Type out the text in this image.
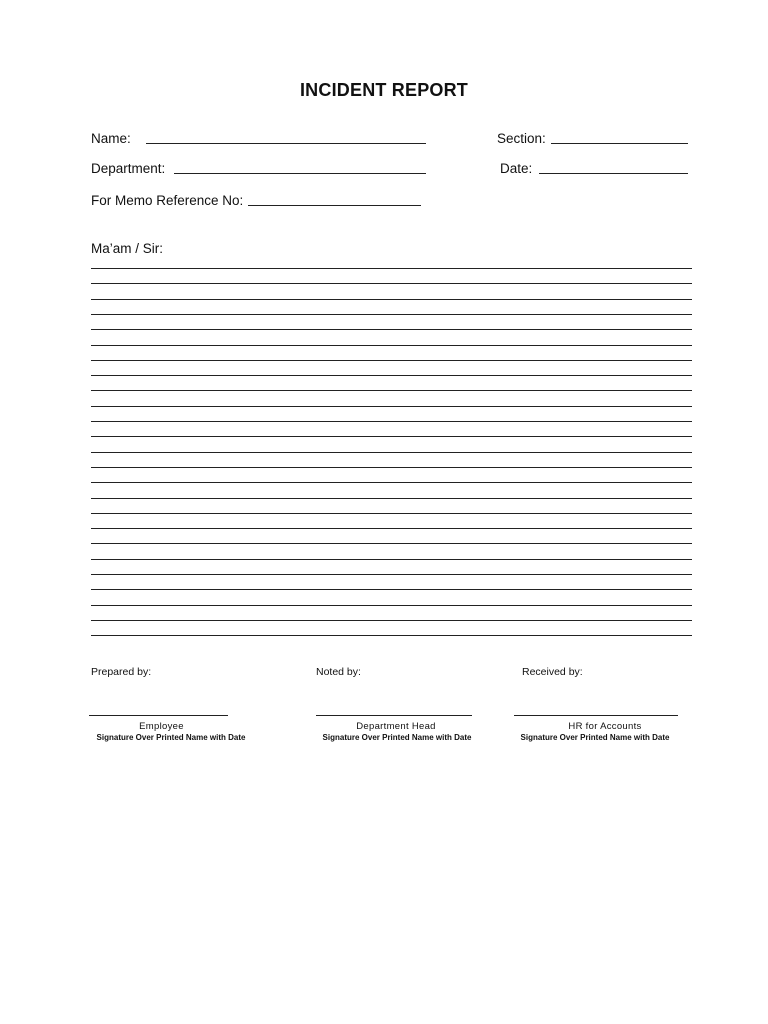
INCIDENT REPORT
Name:	Section:
Department:	Date:
For Memo Reference No:
Ma’am / Sir:
Prepared by:	Noted by:	Received by:
Employee	Department Head	HR for Accounts
Signature Over Printed Name with Date	Signature Over Printed Name with Date	Signature Over Printed Name with Date
